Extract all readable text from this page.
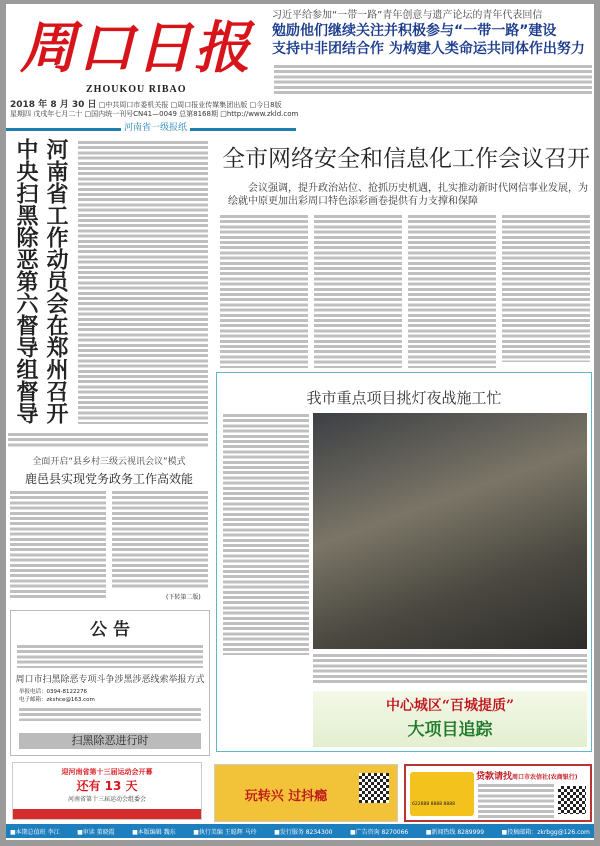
周口日报
ZHOUKOU RIBAO
习近平给参加“一带一路”青年创意与遗产论坛的青年代表回信
勉励他们继续关注并积极参与“一带一路”建设
支持中非团结合作 为构建人类命运共同体作出努力
2018 年 8 月 30 日 □中共周口市委机关报 □周口报业传媒集团出版 □今日8版
星期四 戊戌年七月二十 □国内统一刊号CN41—0049 总第8168期 □http://www.zkld.com
河南省一级报纸
河南省工作动员会在郑州召开
中央扫黑除恶第六督导组督导
全面开启“县乡村三级云视讯会议”模式
鹿邑县实现党务政务工作高效能
(下转第二版)
公 告
周口市扫黑除恶专项斗争涉黑涉恶线索举报方式
举报电话：0394-8122276
电子邮箱：zkshce@163.com
扫黑除恶进行时
全市网络安全和信息化工作会议召开
会议强调，提升政治站位、抢抓历史机遇，扎实推动新时代网信事业发展，为绘就中原更加出彩周口特色添彩画卷提供有力支撑和保障
我市重点项目挑灯夜战施工忙
中心城区“百城提质”
大项目追踪
迎河南省第十三届运动会开幕
还有 13 天
河南省第十三届运动会组委会	玩转兴 过抖瘾
622888 8888 8888
贷款请找周口市农信社(农商银行)
■本期总值班 李江	■审读 董晓霞	■本版编辑 魏东	■执行美编 王聪辉 马玲	■发行服务 8234300	■广告咨询 8270066	■新闻热线 8289999	■投稿邮箱：zkrbgg@126.com
